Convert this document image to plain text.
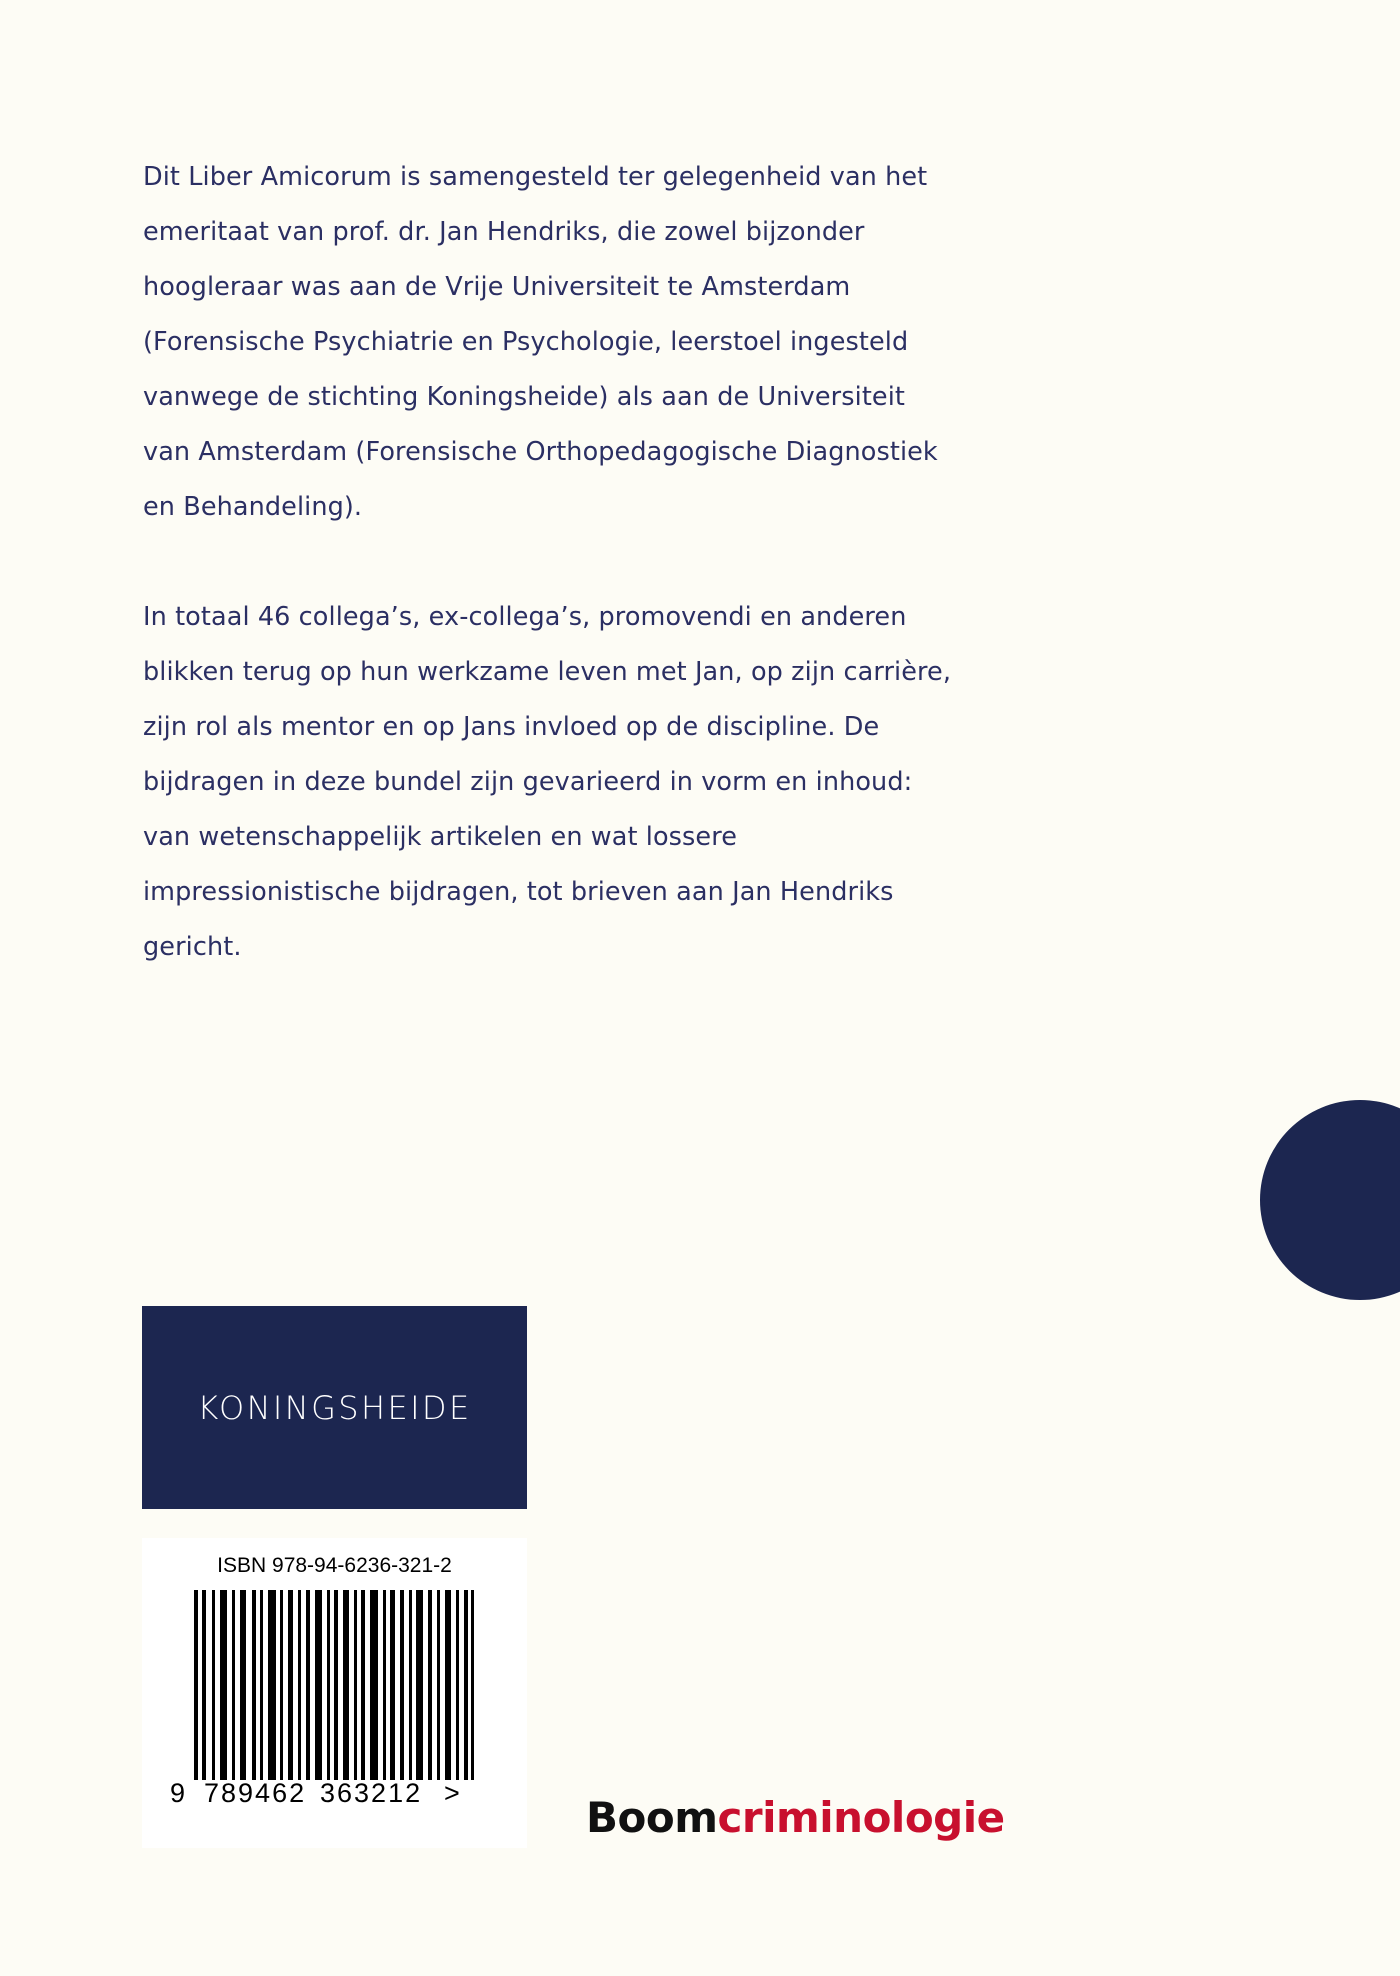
Dit Liber Amicorum is samengesteld ter gelegenheid van het emeritaat van prof. dr. Jan Hendriks, die zowel bijzonder hoogleraar was aan de Vrije Universiteit te Amsterdam (Forensische Psychiatrie en Psychologie, leerstoel ingesteld vanwege de stichting Koningsheide) als aan de Universiteit van Amsterdam (Forensische Orthopedagogische Diagnostiek en Behandeling).

In totaal 46 collega’s, ex-collega’s, promovendi en anderen blikken terug op hun werkzame leven met Jan, op zijn carrière, zijn rol als mentor en op Jans invloed op de discipline. De bijdragen in deze bundel zijn gevarieerd in vorm en inhoud: van wetenschappelijk artikelen en wat lossere impressionistische bijdragen, tot brieven aan Jan Hendriks gericht.

KONINGSHEIDE
ISBN 978-94-6236-321-2
9 789462 363212 >	Boomcriminologie
